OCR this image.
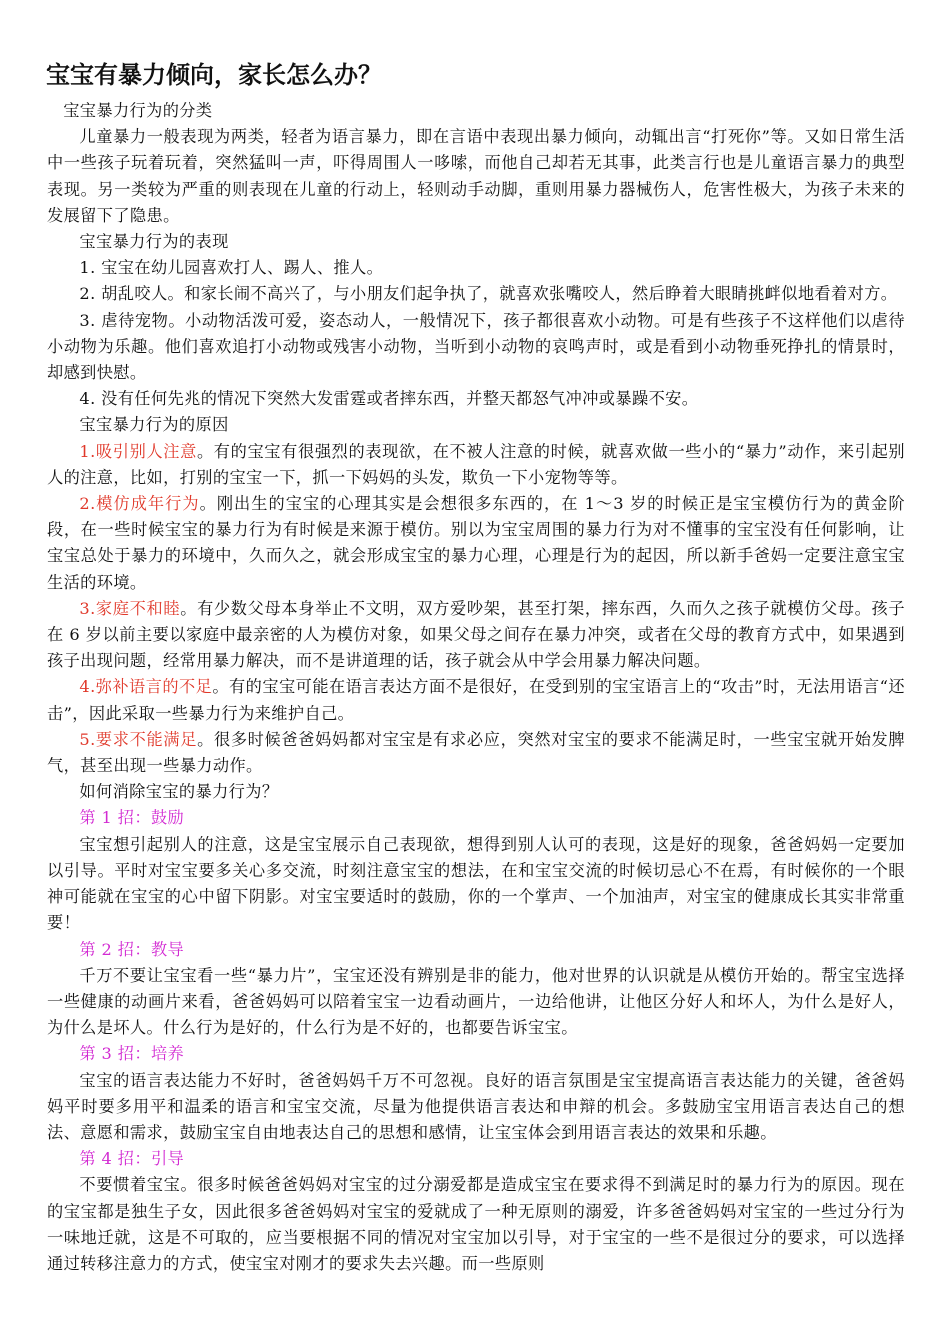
宝宝有暴力倾向，家长怎么办？

宝宝暴力行为的分类

儿童暴力一般表现为两类，轻者为语言暴力，即在言语中表现出暴力倾向，动辄出言“打死你”等。又如日常生活中一些孩子玩着玩着，突然猛叫一声，吓得周围人一哆嗦，而他自己却若无其事，此类言行也是儿童语言暴力的典型表现。另一类较为严重的则表现在儿童的行动上，轻则动手动脚，重则用暴力器械伤人，危害性极大，为孩子未来的发展留下了隐患。

宝宝暴力行为的表现

1. 宝宝在幼儿园喜欢打人、踢人、推人。

2. 胡乱咬人。和家长闹不高兴了，与小朋友们起争执了，就喜欢张嘴咬人，然后睁着大眼睛挑衅似地看着对方。

3. 虐待宠物。小动物活泼可爱，姿态动人，一般情况下，孩子都很喜欢小动物。可是有些孩子不这样他们以虐待小动物为乐趣。他们喜欢追打小动物或残害小动物，当听到小动物的哀鸣声时，或是看到小动物垂死挣扎的情景时，却感到快慰。

4. 没有任何先兆的情况下突然大发雷霆或者摔东西，并整天都怒气冲冲或暴躁不安。

宝宝暴力行为的原因

1.吸引别人注意。有的宝宝有很强烈的表现欲，在不被人注意的时候，就喜欢做一些小的“暴力”动作，来引起别人的注意，比如，打别的宝宝一下，抓一下妈妈的头发，欺负一下小宠物等等。

2.模仿成年行为。刚出生的宝宝的心理其实是会想很多东西的，在 1～3 岁的时候正是宝宝模仿行为的黄金阶段，在一些时候宝宝的暴力行为有时候是来源于模仿。别以为宝宝周围的暴力行为对不懂事的宝宝没有任何影响，让宝宝总处于暴力的环境中，久而久之，就会形成宝宝的暴力心理，心理是行为的起因，所以新手爸妈一定要注意宝宝生活的环境。

3.家庭不和睦。有少数父母本身举止不文明，双方爱吵架，甚至打架，摔东西，久而久之孩子就模仿父母。孩子在 6 岁以前主要以家庭中最亲密的人为模仿对象，如果父母之间存在暴力冲突，或者在父母的教育方式中，如果遇到孩子出现问题，经常用暴力解决，而不是讲道理的话，孩子就会从中学会用暴力解决问题。

4.弥补语言的不足。有的宝宝可能在语言表达方面不是很好，在受到别的宝宝语言上的“攻击”时，无法用语言“还击”，因此采取一些暴力行为来维护自己。

5.要求不能满足。很多时候爸爸妈妈都对宝宝是有求必应，突然对宝宝的要求不能满足时，一些宝宝就开始发脾气，甚至出现一些暴力动作。

如何消除宝宝的暴力行为？

第 1 招：鼓励

宝宝想引起别人的注意，这是宝宝展示自己表现欲，想得到别人认可的表现，这是好的现象，爸爸妈妈一定要加以引导。平时对宝宝要多关心多交流，时刻注意宝宝的想法，在和宝宝交流的时候切忌心不在焉，有时候你的一个眼神可能就在宝宝的心中留下阴影。对宝宝要适时的鼓励，你的一个掌声、一个加油声，对宝宝的健康成长其实非常重要！

第 2 招：教导

千万不要让宝宝看一些“暴力片”，宝宝还没有辨别是非的能力，他对世界的认识就是从模仿开始的。帮宝宝选择一些健康的动画片来看，爸爸妈妈可以陪着宝宝一边看动画片，一边给他讲，让他区分好人和坏人，为什么是好人，为什么是坏人。什么行为是好的，什么行为是不好的，也都要告诉宝宝。

第 3 招：培养

宝宝的语言表达能力不好时，爸爸妈妈千万不可忽视。良好的语言氛围是宝宝提高语言表达能力的关键，爸爸妈妈平时要多用平和温柔的语言和宝宝交流，尽量为他提供语言表达和申辩的机会。多鼓励宝宝用语言表达自己的想法、意愿和需求，鼓励宝宝自由地表达自己的思想和感情，让宝宝体会到用语言表达的效果和乐趣。

第 4 招：引导

不要惯着宝宝。很多时候爸爸妈妈对宝宝的过分溺爱都是造成宝宝在要求得不到满足时的暴力行为的原因。现在的宝宝都是独生子女，因此很多爸爸妈妈对宝宝的爱就成了一种无原则的溺爱，许多爸爸妈妈对宝宝的一些过分行为一味地迁就，这是不可取的，应当要根据不同的情况对宝宝加以引导，对于宝宝的一些不是很过分的要求，可以选择通过转移注意力的方式，使宝宝对刚才的要求失去兴趣。而一些原则
